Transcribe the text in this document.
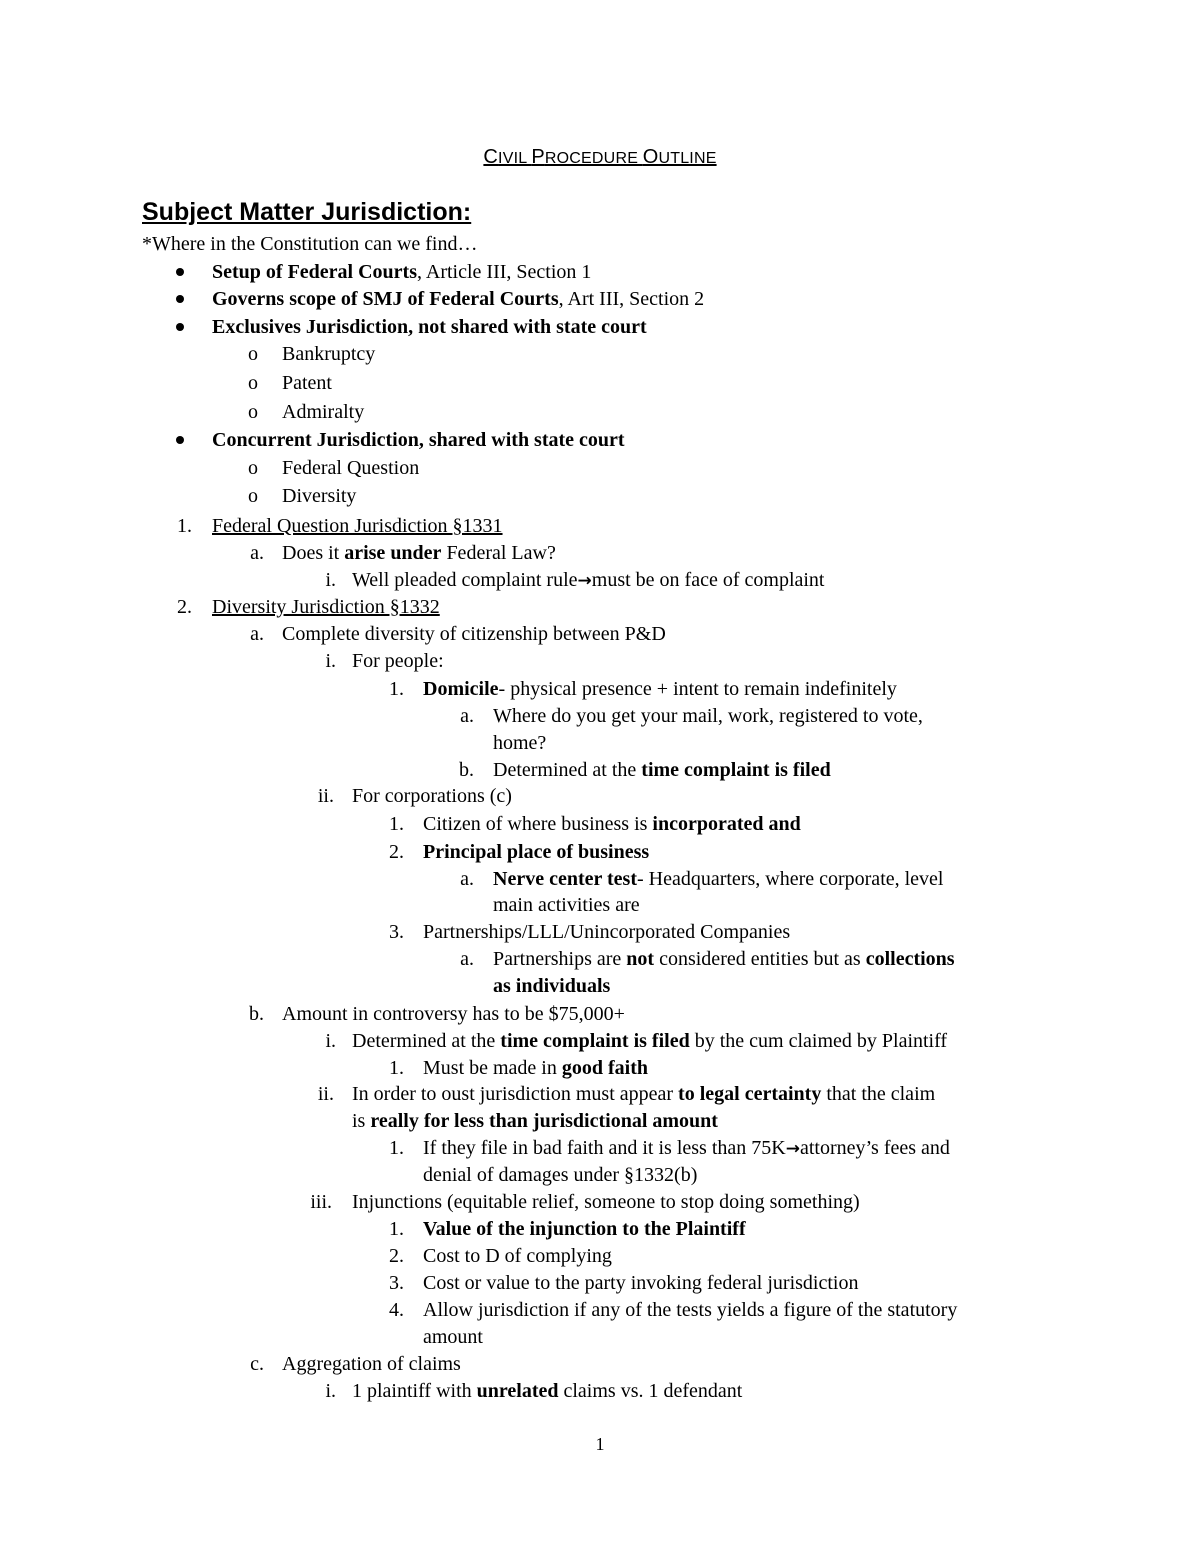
CIVIL PROCEDURE OUTLINE
Subject Matter Jurisdiction:
*Where in the Constitution can we find…
Setup of Federal Courts, Article III, Section 1
Governs scope of SMJ of Federal Courts, Art III, Section 2
Exclusives Jurisdiction, not shared with state court
o Bankruptcy
o Patent
o Admiralty
Concurrent Jurisdiction, shared with state court
o Federal Question
o Diversity
1. Federal Question Jurisdiction §1331
a. Does it arise under Federal Law?
i. Well pleaded complaint rule→must be on face of complaint
2. Diversity Jurisdiction §1332
a. Complete diversity of citizenship between P&D
i. For people:
1. Domicile- physical presence + intent to remain indefinitely
a. Where do you get your mail, work, registered to vote,
home?
b. Determined at the time complaint is filed
ii. For corporations (c)
1. Citizen of where business is incorporated and
2. Principal place of business
a. Nerve center test- Headquarters, where corporate, level
main activities are
3. Partnerships/LLL/Unincorporated Companies
a. Partnerships are not considered entities but as collections
as individuals
b. Amount in controversy has to be $75,000+
i. Determined at the time complaint is filed by the cum claimed by Plaintiff
1. Must be made in good faith
ii. In order to oust jurisdiction must appear to legal certainty that the claim
is really for less than jurisdictional amount
1. If they file in bad faith and it is less than 75K→attorney’s fees and
denial of damages under §1332(b)
iii. Injunctions (equitable relief, someone to stop doing something)
1. Value of the injunction to the Plaintiff
2. Cost to D of complying
3. Cost or value to the party invoking federal jurisdiction
4. Allow jurisdiction if any of the tests yields a figure of the statutory
amount
c. Aggregation of claims
i. 1 plaintiff with unrelated claims vs. 1 defendant
1
